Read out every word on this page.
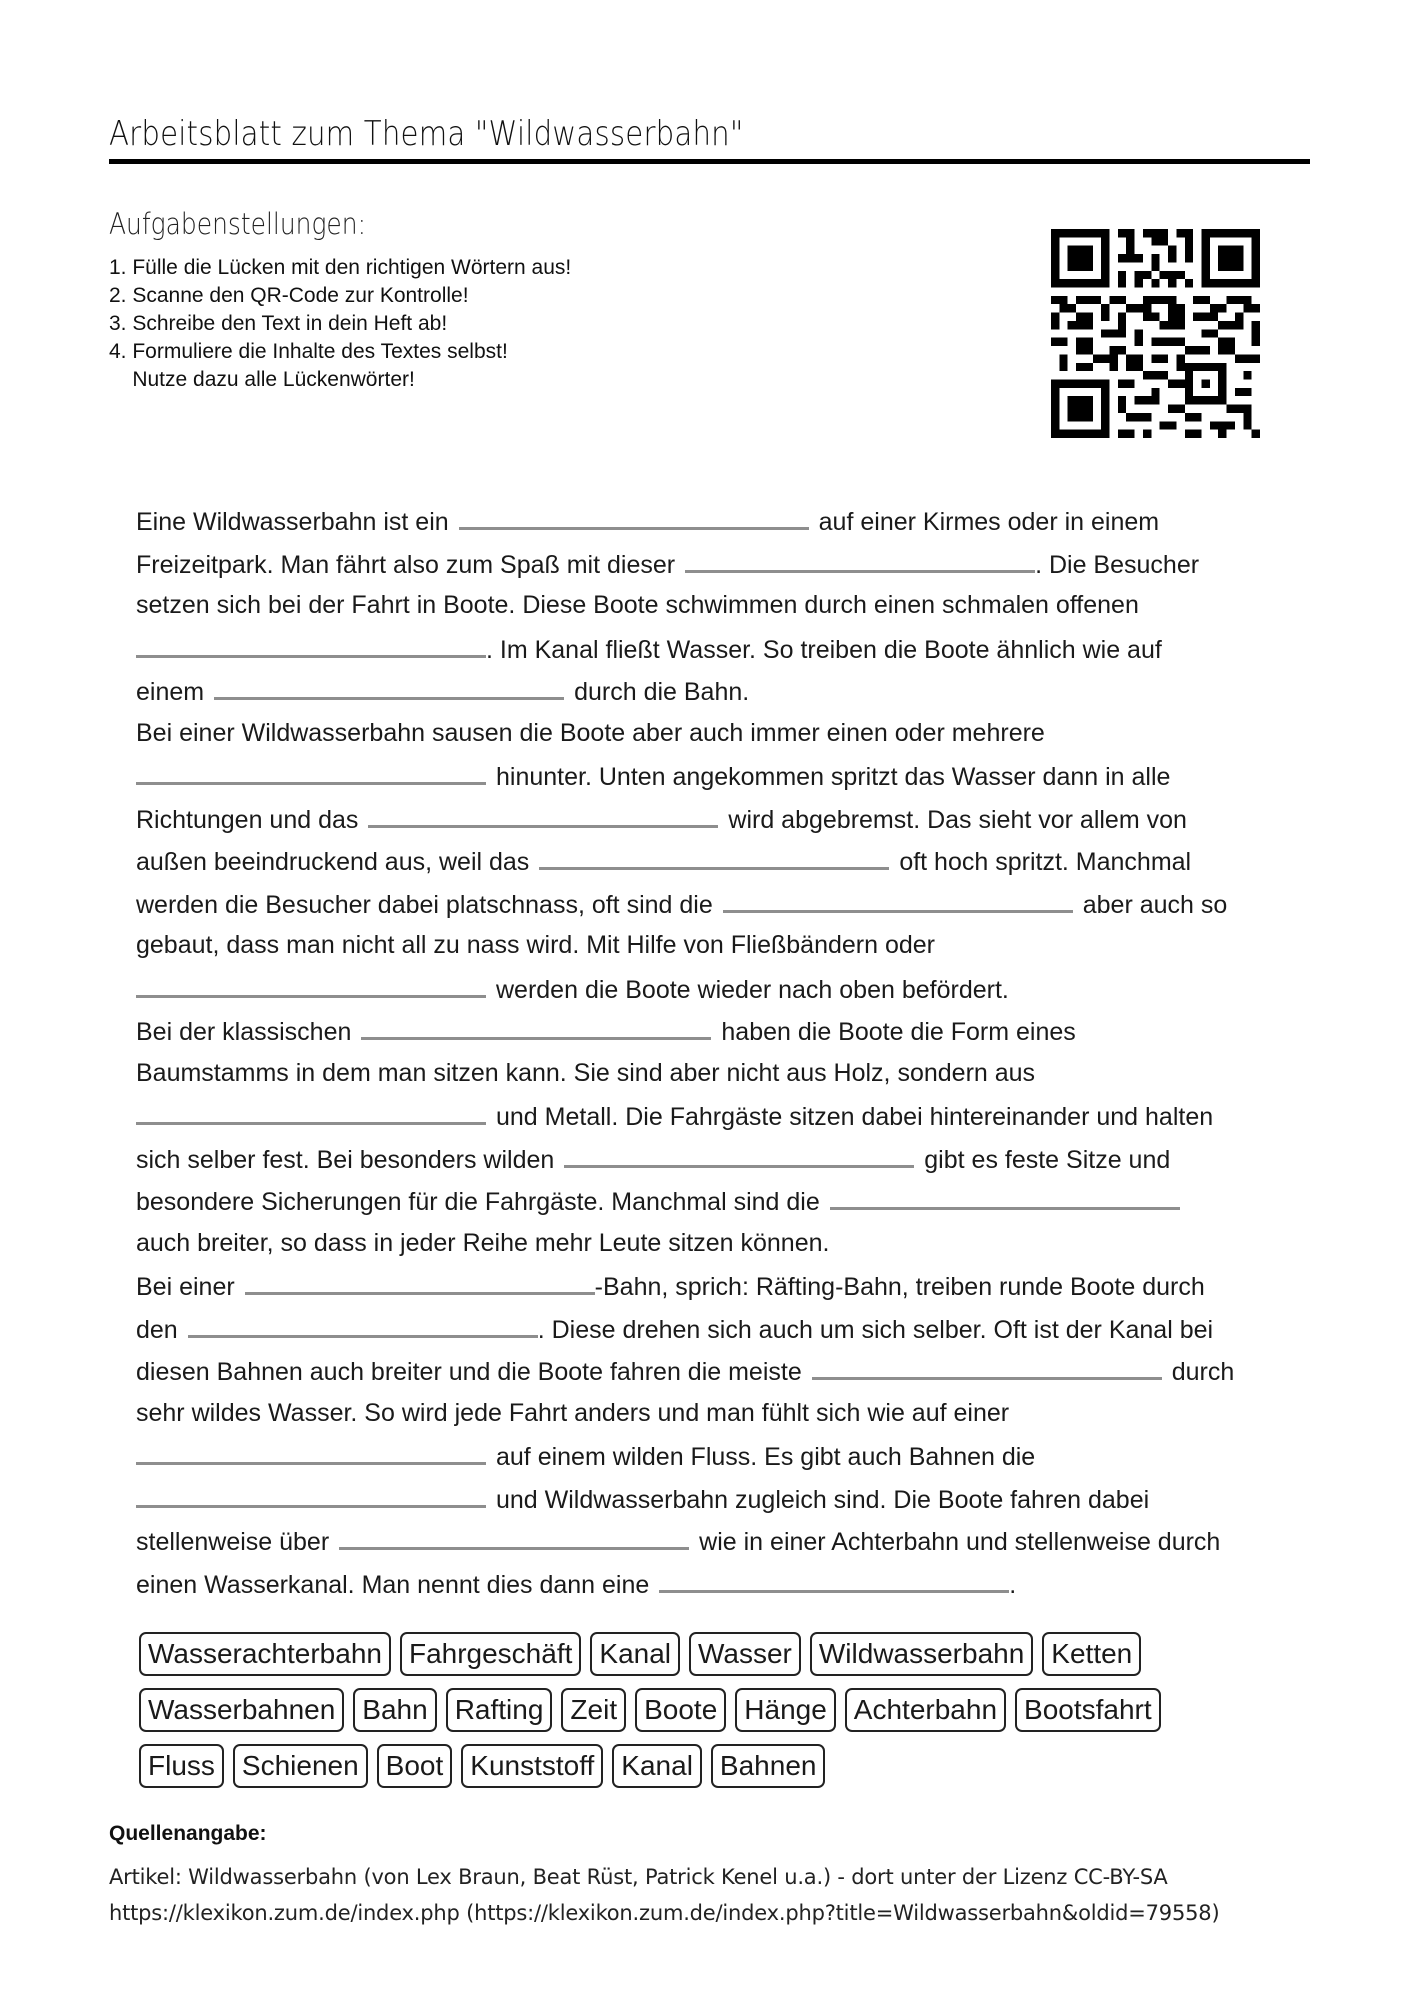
Arbeitsblatt zum Thema "Wildwasserbahn"
Aufgabenstellungen:
1. Fülle die Lücken mit den richtigen Wörtern aus!
2. Scanne den QR-Code zur Kontrolle!
3. Schreibe den Text in dein Heft ab!
4. Formuliere die Inhalte des Textes selbst!
Nutze dazu alle Lückenwörter!
Eine Wildwasserbahn ist ein	auf einer Kirmes oder in einem
Freizeitpark. Man fährt also zum Spaß mit dieser	. Die Besucher
setzen sich bei der Fahrt in Boote. Diese Boote schwimmen durch einen schmalen offenen
. Im Kanal fließt Wasser. So treiben die Boote ähnlich wie auf
einem	durch die Bahn.
Bei einer Wildwasserbahn sausen die Boote aber auch immer einen oder mehrere
hinunter. Unten angekommen spritzt das Wasser dann in alle
Richtungen und das	wird abgebremst. Das sieht vor allem von
außen beeindruckend aus, weil das	oft hoch spritzt. Manchmal
werden die Besucher dabei platschnass, oft sind die	aber auch so
gebaut, dass man nicht all zu nass wird. Mit Hilfe von Fließbändern oder
werden die Boote wieder nach oben befördert.
Bei der klassischen	haben die Boote die Form eines
Baumstamms in dem man sitzen kann. Sie sind aber nicht aus Holz, sondern aus
und Metall. Die Fahrgäste sitzen dabei hintereinander und halten
sich selber fest. Bei besonders wilden	gibt es feste Sitze und
besondere Sicherungen für die Fahrgäste. Manchmal sind die
auch breiter, so dass in jeder Reihe mehr Leute sitzen können.
Bei einer	-Bahn, sprich: Räfting-Bahn, treiben runde Boote durch
den	. Diese drehen sich auch um sich selber. Oft ist der Kanal bei
diesen Bahnen auch breiter und die Boote fahren die meiste	durch
sehr wildes Wasser. So wird jede Fahrt anders und man fühlt sich wie auf einer
auf einem wilden Fluss. Es gibt auch Bahnen die
und Wildwasserbahn zugleich sind. Die Boote fahren dabei
stellenweise über	wie in einer Achterbahn und stellenweise durch
einen Wasserkanal. Man nennt dies dann eine	.
Wasserachterbahn Fahrgeschäft Kanal Wasser Wildwasserbahn Ketten
Wasserbahnen Bahn Rafting Zeit Boote Hänge Achterbahn Bootsfahrt
Fluss Schienen Boot Kunststoff Kanal Bahnen
Quellenangabe:
Artikel: Wildwasserbahn (von Lex Braun, Beat Rüst, Patrick Kenel u.a.) - dort unter der Lizenz CC-BY-SA
https://klexikon.zum.de/index.php (https://klexikon.zum.de/index.php?title=Wildwasserbahn&oldid=79558)
